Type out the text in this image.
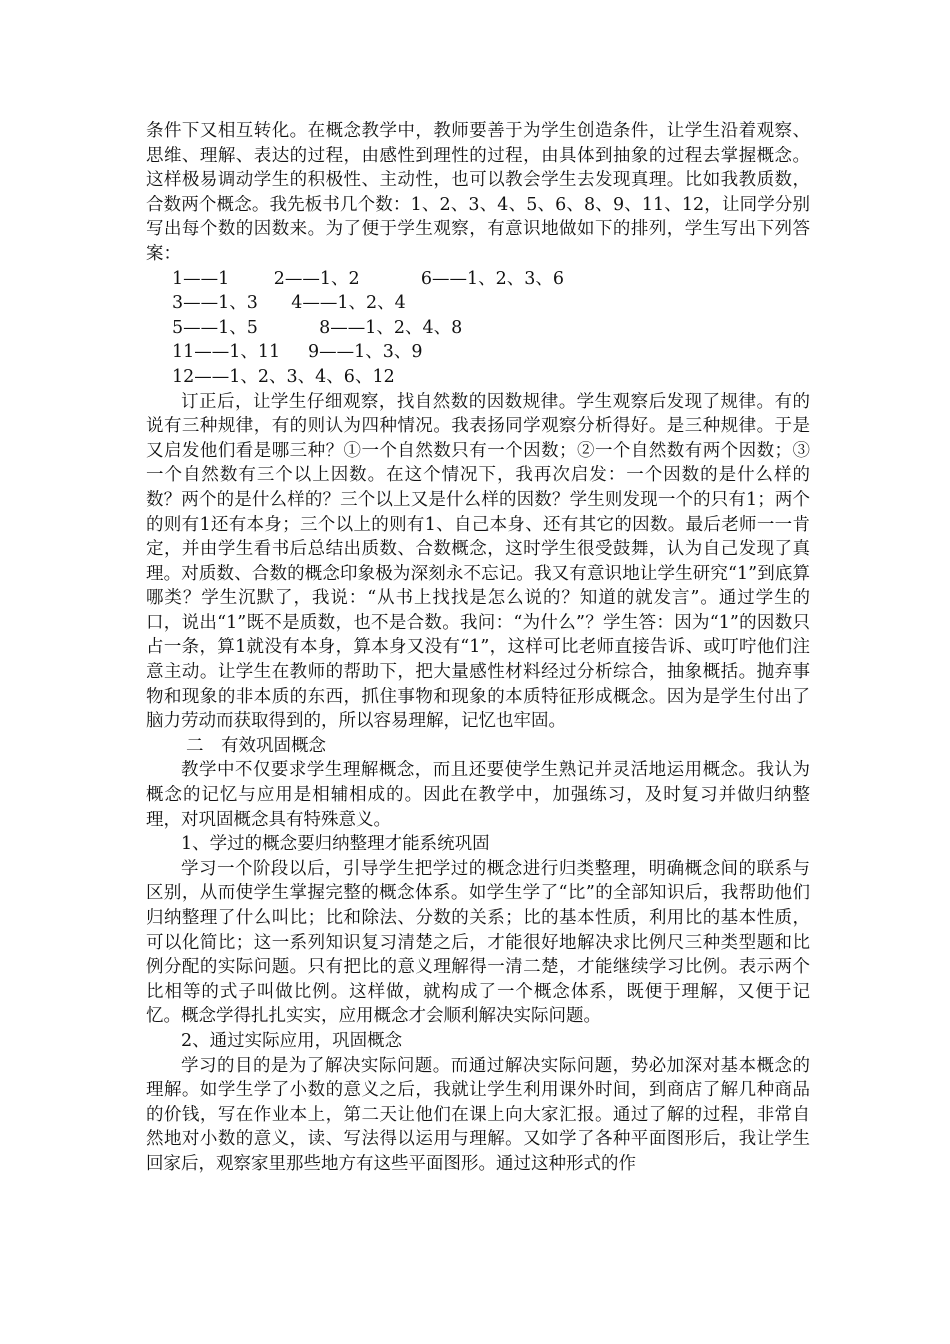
条件下又相互转化。在概念教学中，教师要善于为学生创造条件，让学生沿着观察、思维、理解、表达的过程，由感性到理性的过程，由具体到抽象的过程去掌握概念。这样极易调动学生的积极性、主动性，也可以教会学生去发现真理。比如我教质数，合数两个概念。我先板书几个数：1、2、3、4、5、6、8、9、11、12，让同学分别写出每个数的因数来。为了便于学生观察，有意识地做如下的排列，学生写出下列答案：

1——1        2——1、2           6——1、2、3、6

3——1、3      4——1、2、4

5——1、5           8——1、2、4、8

11——1、11     9——1、3、9

12——1、2、3、4、6、12

订正后，让学生仔细观察，找自然数的因数规律。学生观察后发现了规律。有的说有三种规律，有的则认为四种情况。我表扬同学观察分析得好。是三种规律。于是又启发他们看是哪三种？①一个自然数只有一个因数；②一个自然数有两个因数；③一个自然数有三个以上因数。在这个情况下，我再次启发：一个因数的是什么样的数？两个的是什么样的？三个以上又是什么样的因数？学生则发现一个的只有1；两个的则有1还有本身；三个以上的则有1、自己本身、还有其它的因数。最后老师一一肯定，并由学生看书后总结出质数、合数概念，这时学生很受鼓舞，认为自己发现了真理。对质数、合数的概念印象极为深刻永不忘记。我又有意识地让学生研究“1”到底算哪类？学生沉默了，我说：“从书上找找是怎么说的？知道的就发言”。通过学生的口，说出“1”既不是质数，也不是合数。我问：“为什么”？学生答：因为“1”的因数只占一条，算1就没有本身，算本身又没有“1”，这样可比老师直接告诉、或叮咛他们注意主动。让学生在教师的帮助下，把大量感性材料经过分析综合，抽象概括。抛弃事物和现象的非本质的东西，抓住事物和现象的本质特征形成概念。因为是学生付出了脑力劳动而获取得到的，所以容易理解，记忆也牢固。

二　有效巩固概念

教学中不仅要求学生理解概念，而且还要使学生熟记并灵活地运用概念。我认为概念的记忆与应用是相辅相成的。因此在教学中，加强练习，及时复习并做归纳整理，对巩固概念具有特殊意义。

1、学过的概念要归纳整理才能系统巩固

学习一个阶段以后，引导学生把学过的概念进行归类整理，明确概念间的联系与区别，从而使学生掌握完整的概念体系。如学生学了“比”的全部知识后，我帮助他们归纳整理了什么叫比；比和除法、分数的关系；比的基本性质，利用比的基本性质，可以化简比；这一系列知识复习清楚之后，才能很好地解决求比例尺三种类型题和比例分配的实际问题。只有把比的意义理解得一清二楚，才能继续学习比例。表示两个比相等的式子叫做比例。这样做，就构成了一个概念体系，既便于理解，又便于记忆。概念学得扎扎实实，应用概念才会顺利解决实际问题。

2、通过实际应用，巩固概念

学习的目的是为了解决实际问题。而通过解决实际问题，势必加深对基本概念的理解。如学生学了小数的意义之后，我就让学生利用课外时间，到商店了解几种商品的价钱，写在作业本上，第二天让他们在课上向大家汇报。通过了解的过程，非常自然地对小数的意义，读、写法得以运用与理解。又如学了各种平面图形后，我让学生回家后，观察家里那些地方有这些平面图形。通过这种形式的作
